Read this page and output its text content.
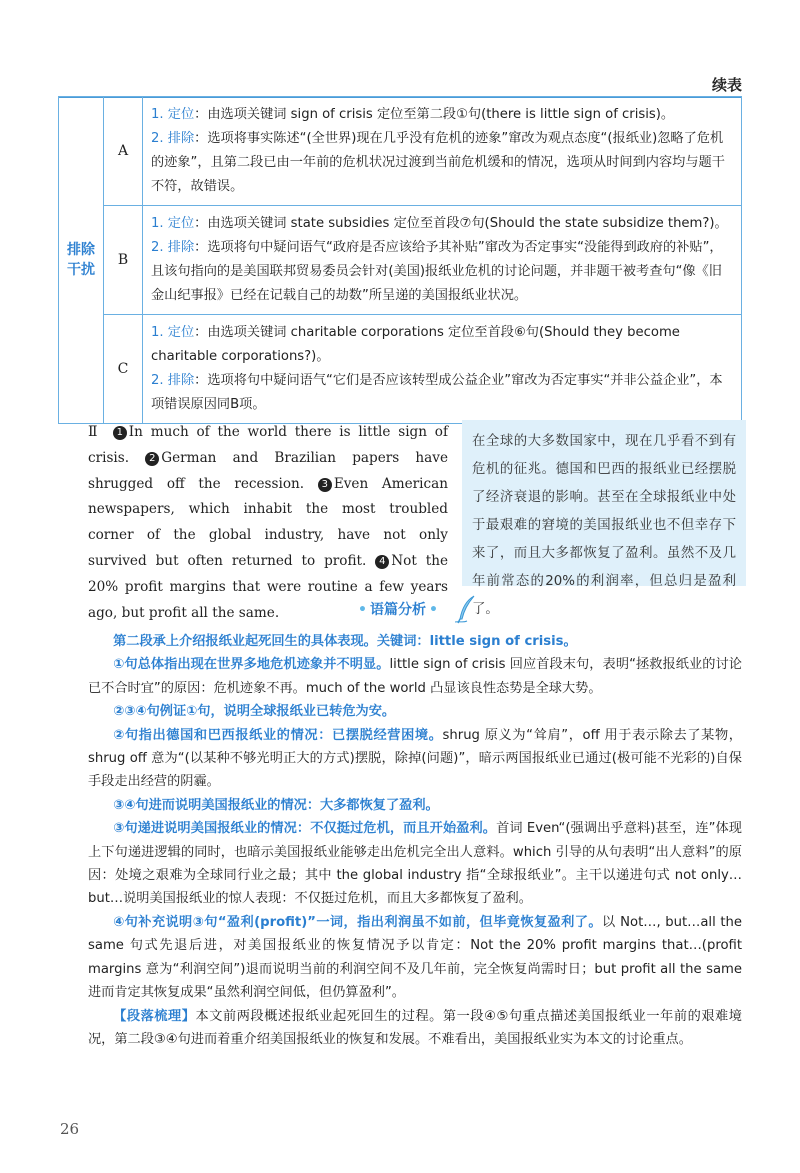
续表
排除干扰	A	1. 定位：由选项关键词 sign of crisis 定位至第二段①句(there is little sign of crisis)。
2. 排除：选项将事实陈述“(全世界)现在几乎没有危机的迹象”窜改为观点态度“(报纸业)忽略了危机的迹象”，且第二段已由一年前的危机状况过渡到当前危机缓和的情况，选项从时间到内容均与题干不符，故错误。

	B	1. 定位：由选项关键词 state subsidies 定位至首段⑦句(Should the state subsidize them?)。
2. 排除：选项将句中疑问语气“政府是否应该给予其补贴”窜改为否定事实“没能得到政府的补贴”，且该句指向的是美国联邦贸易委员会针对(美国)报纸业危机的讨论问题，并非题干被考查句“像《旧金山纪事报》已经在记载自己的劫数”所呈递的美国报纸业状况。

	C	1. 定位：由选项关键词 charitable corporations 定位至首段⑥句(Should they become charitable corporations?)。
2. 排除：选项将句中疑问语气“它们是否应该转型成公益企业”窜改为否定事实“并非公益企业”，本项错误原因同B项。
Ⅱ 1 In much of the world there is little sign of crisis. 2 German and Brazilian papers have shrugged off the recession. 3 Even American newspapers, which inhabit the most troubled corner of the global industry, have not only survived but often returned to profit. 4 Not the 20% profit margins that were routine a few years ago, but profit all the same.
在全球的大多数国家中，现在几乎看不到有危机的征兆。德国和巴西的报纸业已经摆脱了经济衰退的影响。甚至在全球报纸业中处于最艰难的窘境的美国报纸业也不但幸存下来了，而且大多都恢复了盈利。虽然不及几年前常态的20%的利润率，但总归是盈利了。
• 语篇分析 •

第二段承上介绍报纸业起死回生的具体表现。关键词：little sign of crisis。

①句总体指出现在世界多地危机迹象并不明显。little sign of crisis 回应首段末句，表明“拯救报纸业的讨论已不合时宜”的原因：危机迹象不再。much of the world 凸显该良性态势是全球大势。

②③④句例证①句，说明全球报纸业已转危为安。

②句指出德国和巴西报纸业的情况：已摆脱经营困境。shrug 原义为“耸肩”，off 用于表示除去了某物，shrug off 意为“(以某种不够光明正大的方式)摆脱，除掉(问题)”，暗示两国报纸业已通过(极可能不光彩的)自保手段走出经营的阴霾。

③④句进而说明美国报纸业的情况：大多都恢复了盈利。

③句递进说明美国报纸业的情况：不仅挺过危机，而且开始盈利。首词 Even“(强调出乎意料)甚至，连”体现上下句递进逻辑的同时，也暗示美国报纸业能够走出危机完全出人意料。which 引导的从句表明“出人意料”的原因：处境之艰难为全球同行业之最；其中 the global industry 指“全球报纸业”。主干以递进句式 not only…but…说明美国报纸业的惊人表现：不仅挺过危机，而且大多都恢复了盈利。

④句补充说明③句“盈利(profit)”一词，指出利润虽不如前，但毕竟恢复盈利了。以 Not…, but…all the same 句式先退后进，对美国报纸业的恢复情况予以肯定：Not the 20% profit margins that…(profit margins 意为“利润空间”)退而说明当前的利润空间不及几年前，完全恢复尚需时日；but profit all the same 进而肯定其恢复成果“虽然利润空间低，但仍算盈利”。

【段落梳理】本文前两段概述报纸业起死回生的过程。第一段④⑤句重点描述美国报纸业一年前的艰难境况，第二段③④句进而着重介绍美国报纸业的恢复和发展。不难看出，美国报纸业实为本文的讨论重点。

26
